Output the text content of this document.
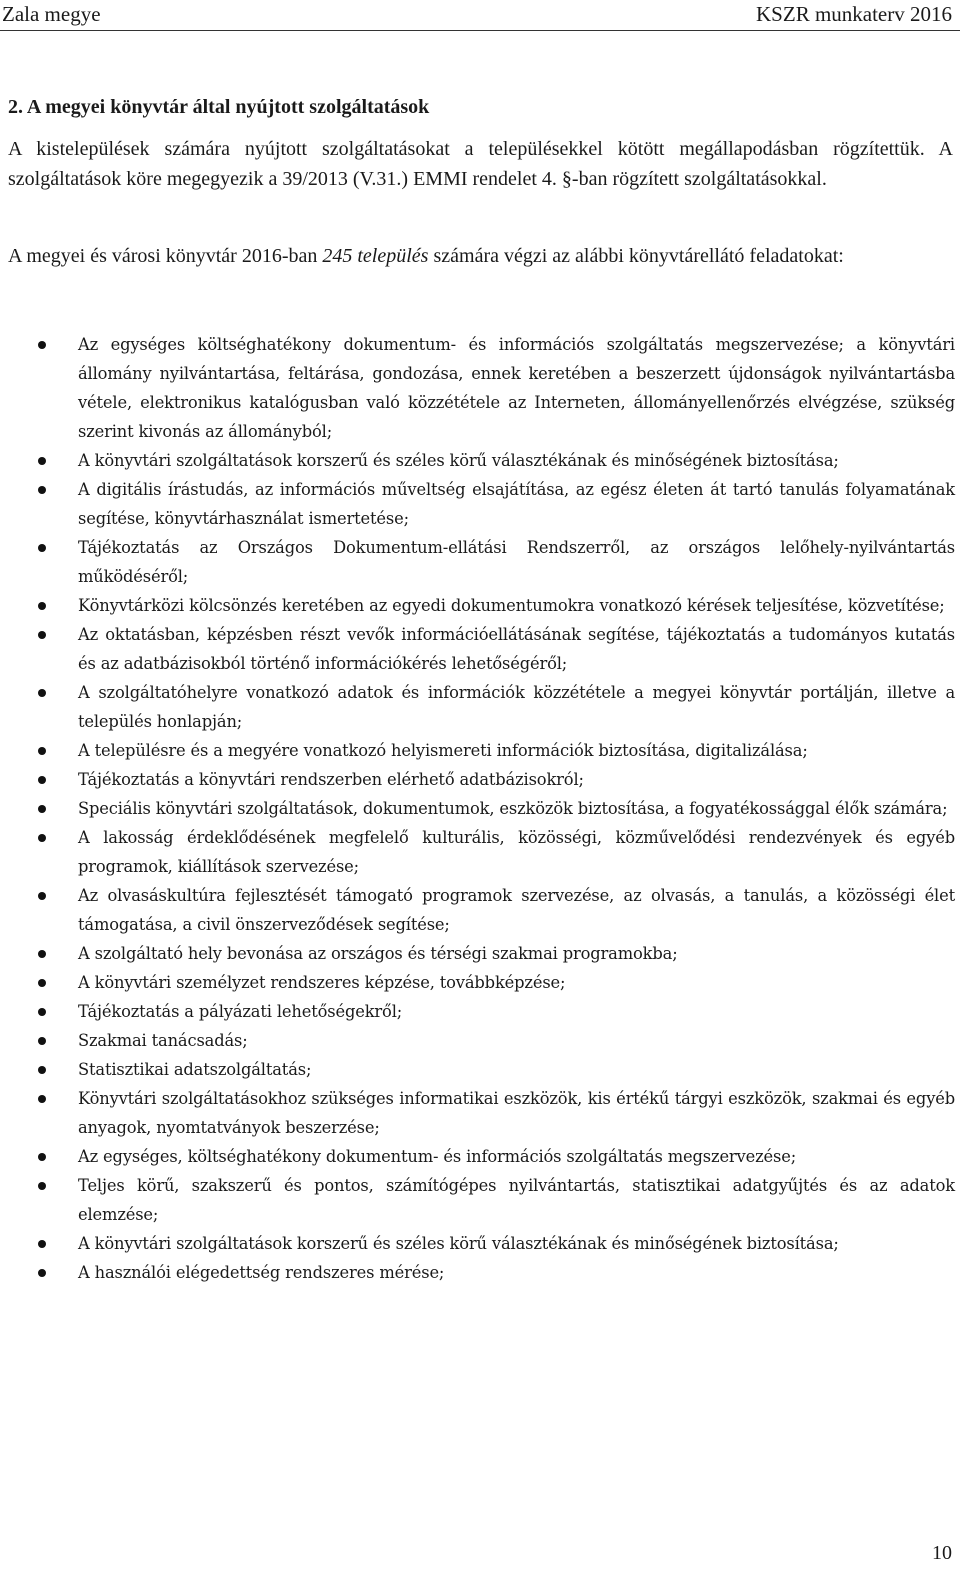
Zala megye	KSZR munkaterv 2016
2. A megyei könyvtár által nyújtott szolgáltatások
A kistelepülések számára nyújtott szolgáltatásokat a településekkel kötött megállapodásban rögzítettük. A szolgáltatások köre megegyezik a 39/2013 (V.31.) EMMI rendelet 4. §-ban rögzített szolgáltatásokkal.
A megyei és városi könyvtár 2016-ban 245 település számára végzi az alábbi könyvtárellátó feladatokat:
Az egységes költséghatékony dokumentum- és információs szolgáltatás megszervezése; a könyvtári állomány nyilvántartása, feltárása, gondozása, ennek keretében a beszerzett újdonságok nyilvántartásba vétele, elektronikus katalógusban való közzététele az Interneten, állományellenőrzés elvégzése, szükség szerint kivonás az állományból;
A könyvtári szolgáltatások korszerű és széles körű választékának és minőségének biztosítása;
A digitális írástudás, az információs műveltség elsajátítása, az egész életen át tartó tanulás folyamatának segítése, könyvtárhasználat ismertetése;
Tájékoztatás az Országos Dokumentum-ellátási Rendszerről, az országos lelőhely-nyilvántartás működéséről;
Könyvtárközi kölcsönzés keretében az egyedi dokumentumokra vonatkozó kérések teljesítése, közvetítése;
Az oktatásban, képzésben részt vevők információellátásának segítése, tájékoztatás a tudományos kutatás és az adatbázisokból történő információkérés lehetőségéről;
A szolgáltatóhelyre vonatkozó adatok és információk közzététele a megyei könyvtár portálján, illetve a település honlapján;
A településre és a megyére vonatkozó helyismereti információk biztosítása, digitalizálása;
Tájékoztatás a könyvtári rendszerben elérhető adatbázisokról;
Speciális könyvtári szolgáltatások, dokumentumok, eszközök biztosítása, a fogyatékossággal élők számára;
A lakosság érdeklődésének megfelelő kulturális, közösségi, közművelődési rendezvények és egyéb programok, kiállítások szervezése;
Az olvasáskultúra fejlesztését támogató programok szervezése, az olvasás, a tanulás, a közösségi élet támogatása, a civil önszerveződések segítése;
A szolgáltató hely bevonása az országos és térségi szakmai programokba;
A könyvtári személyzet rendszeres képzése, továbbképzése;
Tájékoztatás a pályázati lehetőségekről;
Szakmai tanácsadás;
Statisztikai adatszolgáltatás;
Könyvtári szolgáltatásokhoz szükséges informatikai eszközök, kis értékű tárgyi eszközök, szakmai és egyéb anyagok, nyomtatványok beszerzése;
Az egységes, költséghatékony dokumentum- és információs szolgáltatás megszervezése;
Teljes körű, szakszerű és pontos, számítógépes nyilvántartás, statisztikai adatgyűjtés és az adatok elemzése;
A könyvtári szolgáltatások korszerű és széles körű választékának és minőségének biztosítása;
A használói elégedettség rendszeres mérése;
10
